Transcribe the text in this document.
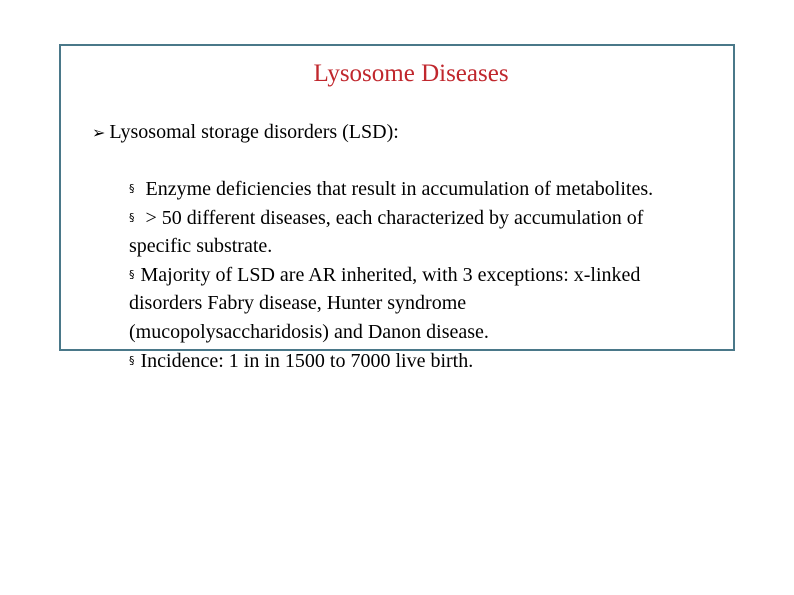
Lysosome Diseases
➢ Lysosomal storage disorders (LSD):
§ Enzyme deficiencies that result in accumulation of metabolites.
§ > 50 different diseases, each characterized by accumulation of specific substrate.
§ Majority of LSD are AR inherited, with 3 exceptions: x-linked disorders Fabry disease, Hunter syndrome (mucopolysaccharidosis) and Danon disease.
§ Incidence: 1 in in 1500 to 7000 live birth.
